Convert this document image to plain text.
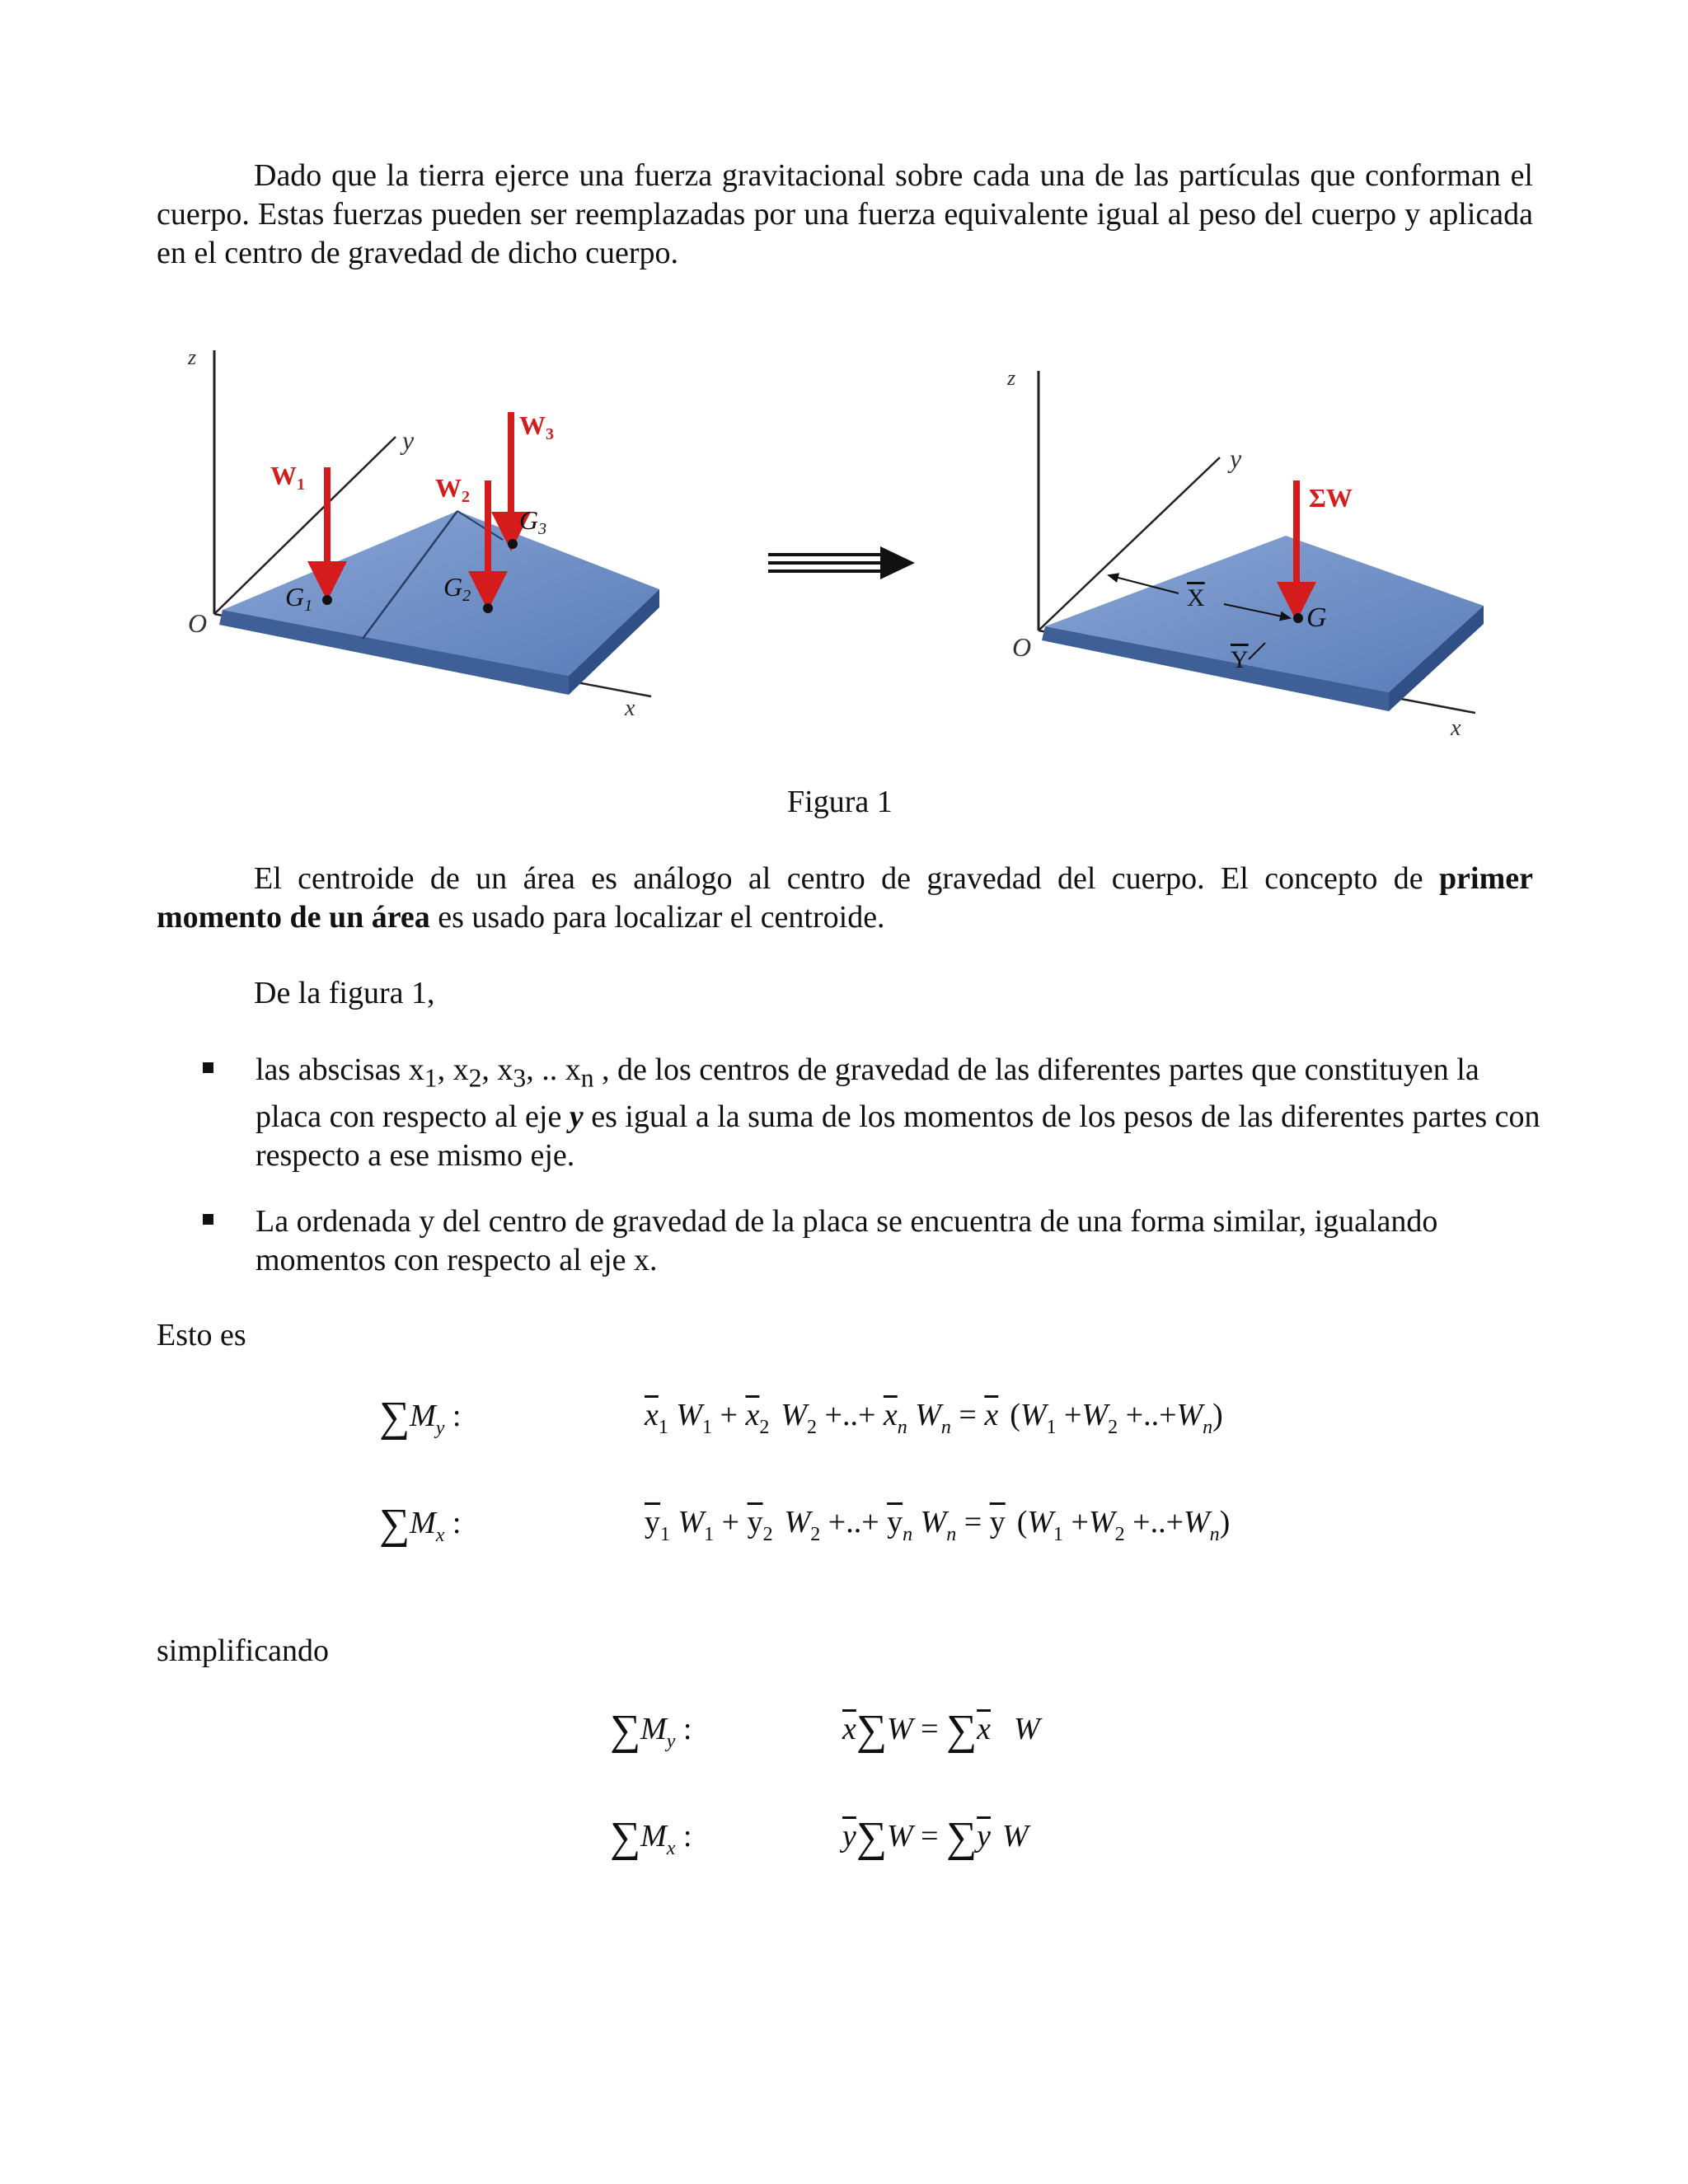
Dado que la tierra ejerce una fuerza gravitacional sobre cada una de las partículas que conforman el cuerpo. Estas fuerzas pueden ser reemplazadas por una fuerza equivalente igual al peso del cuerpo y aplicada en el centro de gravedad de dicho cuerpo.

z
y
x
O
W1	W2
W3
G1
G2
G3
z
y
x
O
ΣW
G
X
Y

Figura 1

El centroide de un área es análogo al centro de gravedad del cuerpo. El concepto de primer momento de un área es usado para localizar el centroide.

De la figura 1,

las abscisas $x_1$, $x_2$, $x_3$, .. $x_n$ , de los centros de gravedad de las diferentes partes que constituyen la placa con respecto al eje y es igual a la suma de los momentos de los pesos de las diferentes partes con respecto a ese mismo eje.

La ordenada y del centro de gravedad de la placa se encuentra de una forma similar, igualando momentos con respecto al eje x.

Esto es

$\sum M_y$ :	$\overline{x}_1$ $W_1 + \overline{x}_2$ $W_2$ +..+ $\overline{x}_n$ $W_n = \overline{x}$ $(W_1 +W_2 +..+W_n)$
$\sum M_x$ :	$\overline{y}_1$ $W_1 + \overline{y}_2$ $W_2$ +..+ $\overline{y}_n$ $W_n = \overline{y}$ $(W_1 +W_2 +..+W_n)$

simplificando

$\sum M_y$ :	$\overline{x}\sum W = \sum\overline{x}$ W
$\sum M_x$ :	$\overline{y}\sum W = \sum\overline{y}$ W
